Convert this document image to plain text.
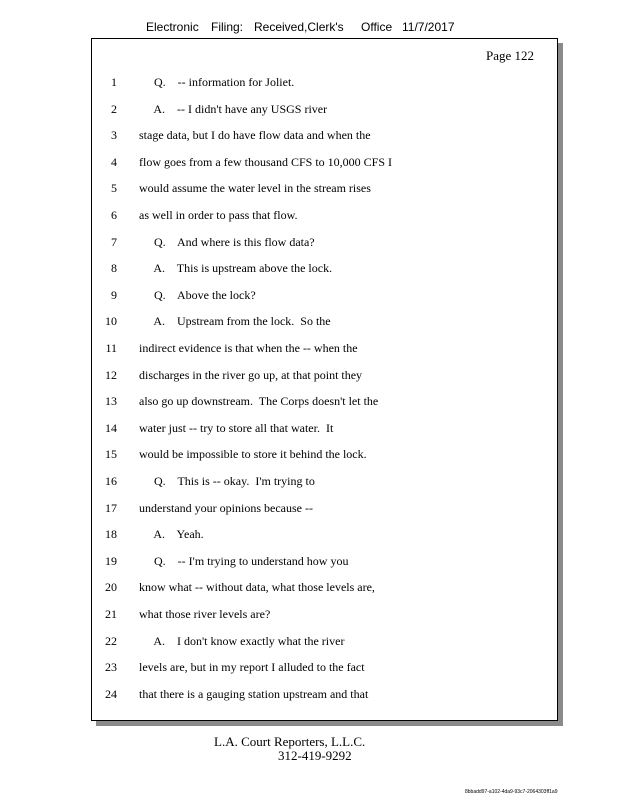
Electronic Filing: Received,Clerk's Office 11/7/2017
Page 122
1 Q.    -- information for Joliet.
2 A.    -- I didn't have any USGS river
3 stage data, but I do have flow data and when the
4 flow goes from a few thousand CFS to 10,000 CFS I
5 would assume the water level in the stream rises
6 as well in order to pass that flow.
7 Q.    And where is this flow data?
8 A.    This is upstream above the lock.
9 Q.    Above the lock?
10 A.    Upstream from the lock.  So the
11 indirect evidence is that when the -- when the
12 discharges in the river go up, at that point they
13 also go up downstream.  The Corps doesn't let the
14 water just -- try to store all that water.  It
15 would be impossible to store it behind the lock.
16 Q.    This is -- okay.  I'm trying to
17 understand your opinions because --
18 A.    Yeah.
19 Q.    -- I'm trying to understand how you
20 know what -- without data, what those levels are,
21 what those river levels are?
22 A.    I don't know exactly what the river
23 levels are, but in my report I alluded to the fact
24 that there is a gauging station upstream and that
L.A. Court Reporters, L.L.C.
312-419-9292
8bbadd97-a102-4da9-93c7-2064303ff1a9
